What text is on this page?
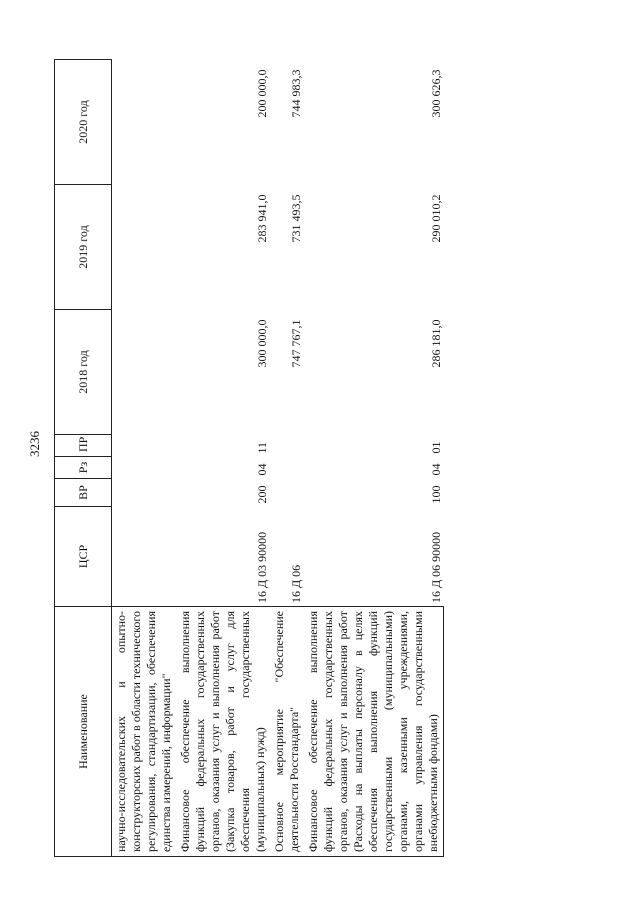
3236
Наименование	ЦСР	ВР	Рз	ПР	2018 год	2019 год	2020 год
научно-исследовательских и опытно-конструкторских работ в области технического регулирования, стандартизации, обеспечения единства измерений, информации"							
Финансовое обеспечение выполнения функций федеральных государственных органов, оказания услуг и выполнения работ (Закупка товаров, работ и услуг для обеспечения государственных (муниципальных) нужд)	16 Д 03 90000	200	04	11	300 000,0	283 941,0	200 000,0
Основное мероприятие "Обеспечение деятельности Росстандарта"	16 Д 06				747 767,1	731 493,5	744 983,3
Финансовое обеспечение выполнения функций федеральных государственных органов, оказания услуг и выполнения работ (Расходы на выплаты персоналу в целях обеспечения выполнения функций государственными (муниципальными) органами, казенными учреждениями, органами управления государственными внебюджетными фондами)	16 Д 06 90000	100	04	01	286 181,0	290 010,2	300 626,3
